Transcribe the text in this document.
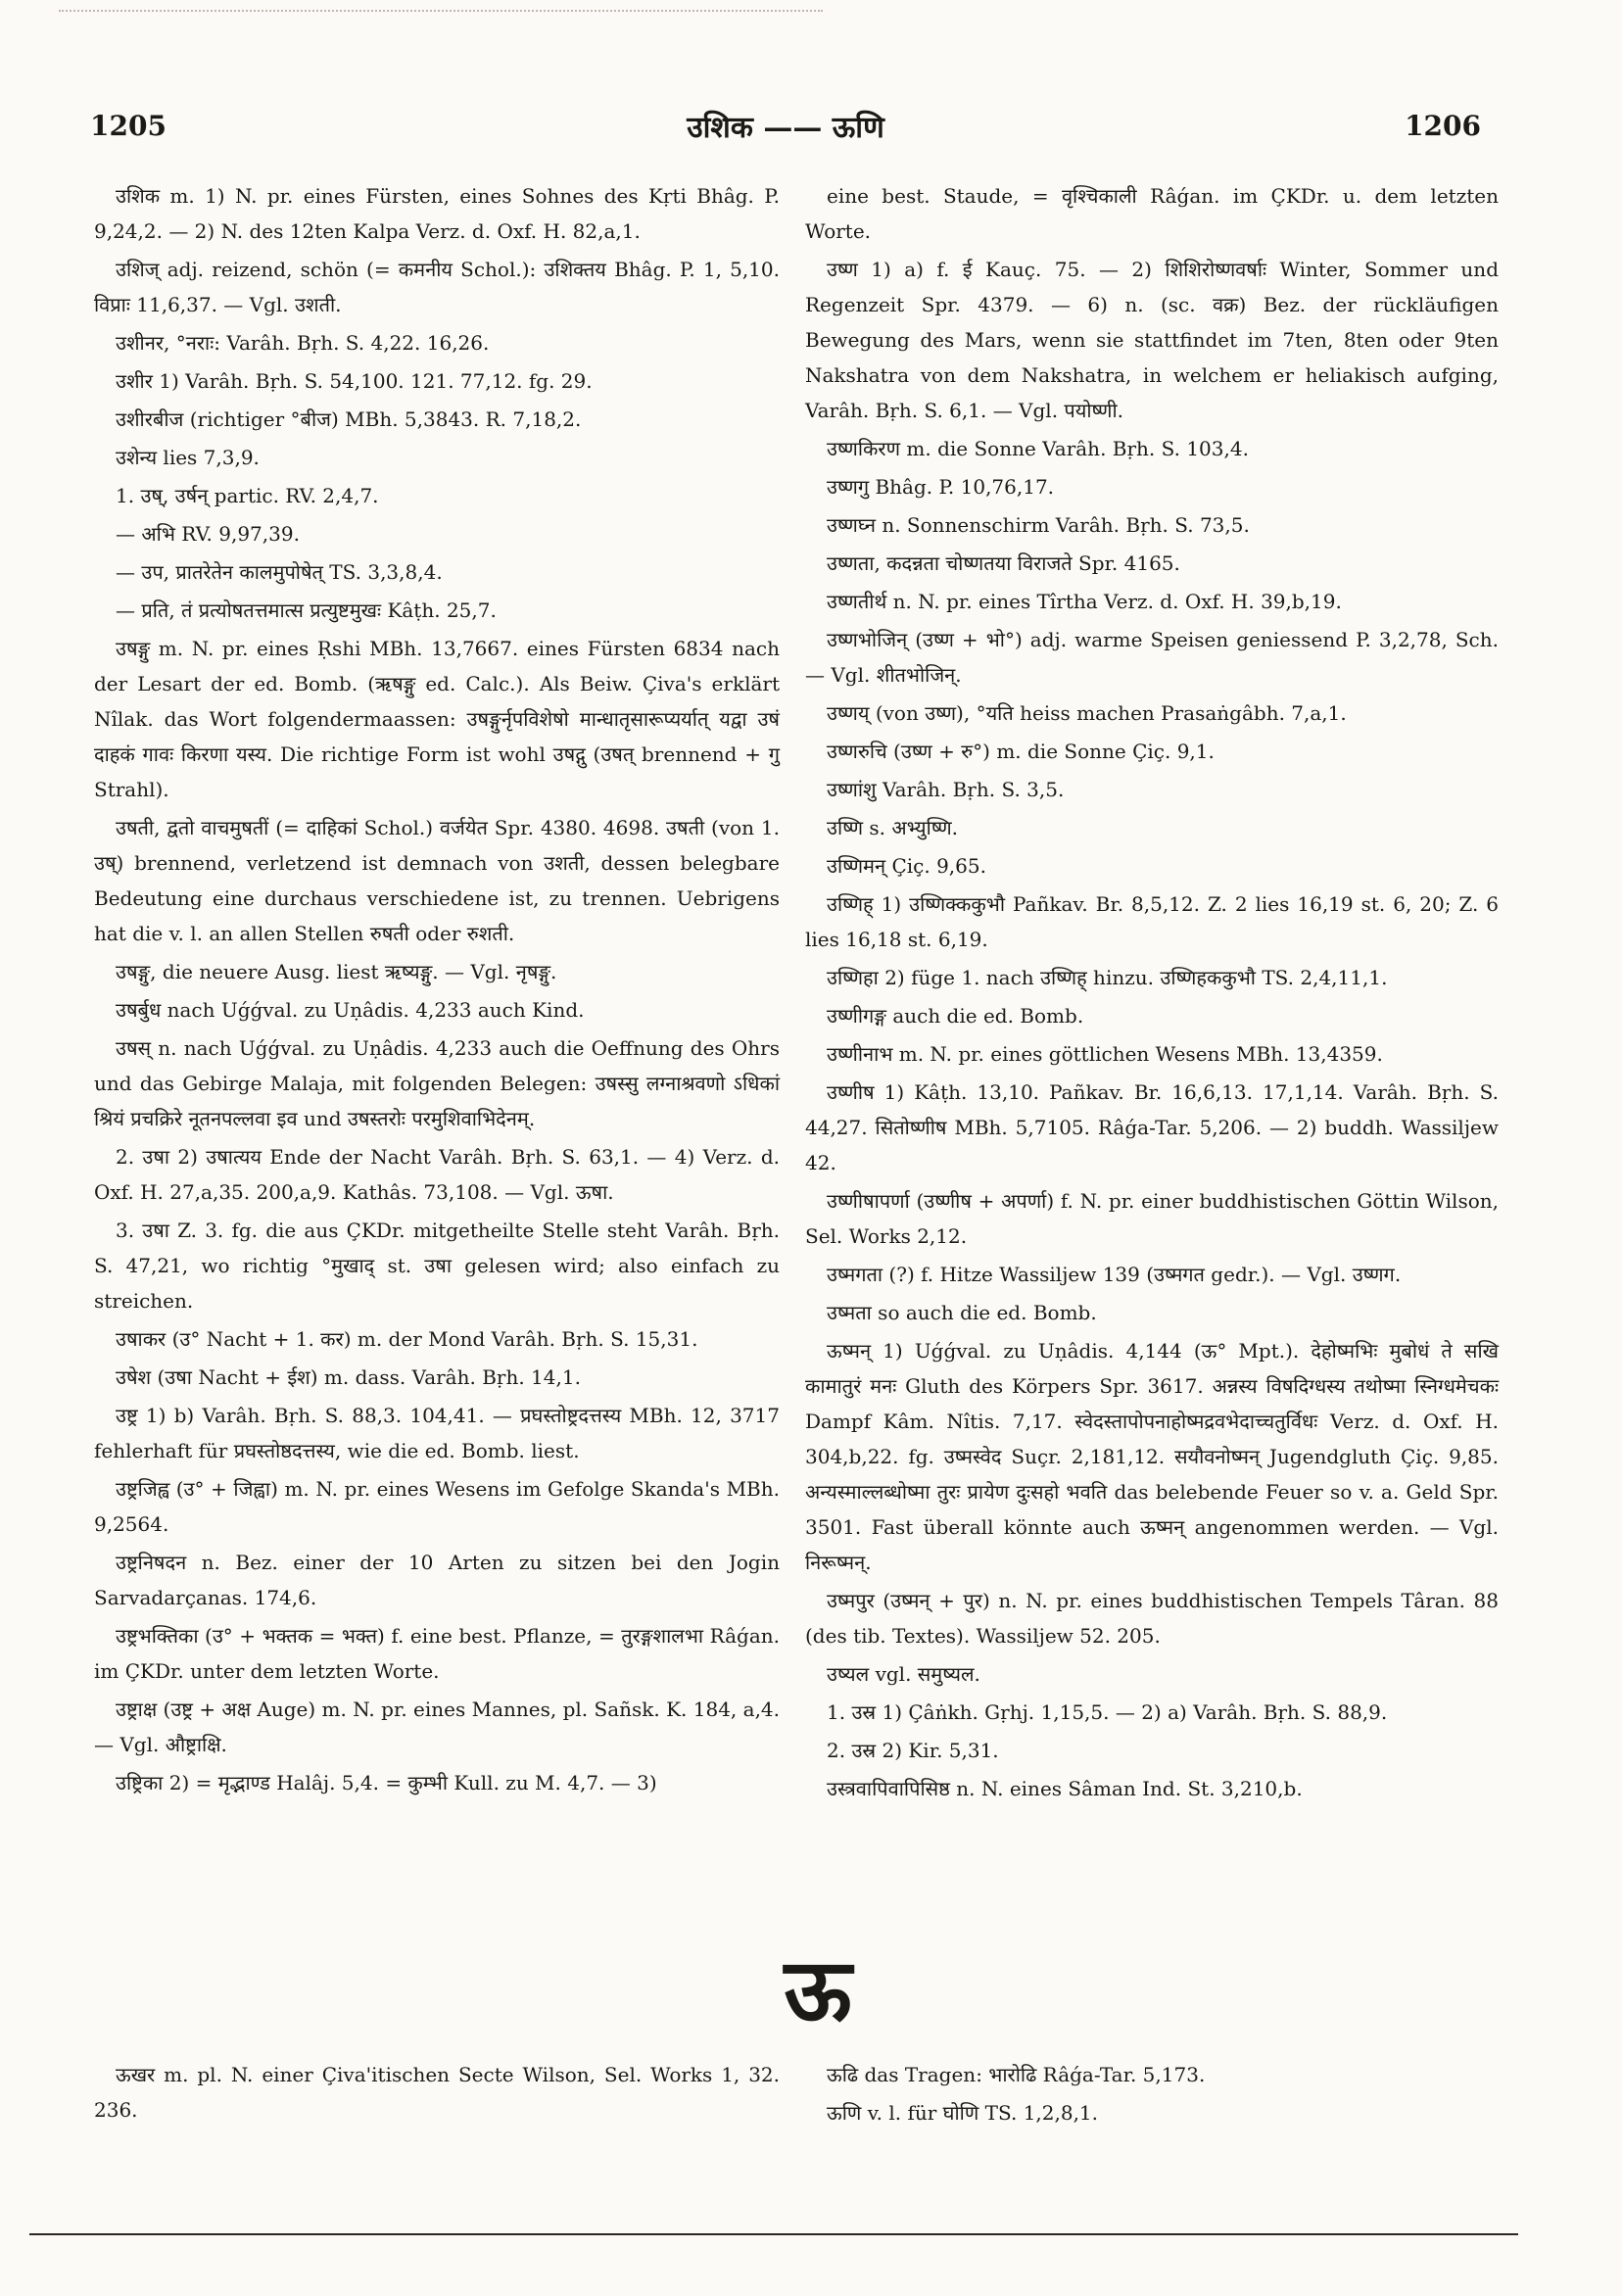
1205	उशिक —— ऊणि	1206

उशिक m. 1) N. pr. eines Fürsten, eines Sohnes des Kṛti Bhâg. P. 9,24,2. — 2) N. des 12ten Kalpa Verz. d. Oxf. H. 82,a,1.

उशिज् adj. reizend, schön (= कमनीय Schol.): उशिक्तय Bhâg. P. 1, 5,10. विप्राः 11,6,37. — Vgl. उशती.

उशीनर, °नराः: Varâh. Bṛh. S. 4,22. 16,26.

उशीर 1) Varâh. Bṛh. S. 54,100. 121. 77,12. fg. 29.

उशीरबीज (richtiger °बीज) MBh. 5,3843. R. 7,18,2.

उशेन्य lies 7,3,9.

1. उष्, उर्षन् partic. RV. 2,4,7.

— अभि RV. 9,97,39.

— उप, प्रातरेतेन कालमुपोषेत् TS. 3,3,8,4.

— प्रति, तं प्रत्योषतत्तमात्स प्रत्युष्टमुखः Kâṭh. 25,7.

उषङ्गु m. N. pr. eines Ṛshi MBh. 13,7667. eines Fürsten 6834 nach der Lesart der ed. Bomb. (ऋषङ्गु ed. Calc.). Als Beiw. Çiva's erklärt Nîlak. das Wort folgendermaassen: उषङ्गुर्नृपविशेषो मान्धातृसारूप्यर्यात् यद्वा उषं दाहकं गावः किरणा यस्य. Die richtige Form ist wohl उषद्गु (उषत् brennend + गु Strahl).

उषती, द्वतो वाचमुषतीं (= दाहिकां Schol.) वर्जयेत Spr. 4380. 4698. उषती (von 1. उष्) brennend, verletzend ist demnach von उशती, dessen belegbare Bedeutung eine durchaus verschiedene ist, zu trennen. Uebrigens hat die v. l. an allen Stellen रुषती oder रुशती.

उषङ्गु, die neuere Ausg. liest ऋष्यङ्गु. — Vgl. नृषङ्गु.

उषर्बुध nach Uǵǵval. zu Uṇâdis. 4,233 auch Kind.

उषस् n. nach Uǵǵval. zu Uṇâdis. 4,233 auch die Oeffnung des Ohrs und das Gebirge Malaja, mit folgenden Belegen: उषस्सु लग्नाश्रवणो ऽधिकां श्रियं प्रचक्रिरे नूतनपल्लवा इव und उषस्तरोः परमुशिवाभिदेनम्.

2. उषा 2) उषात्यय Ende der Nacht Varâh. Bṛh. S. 63,1. — 4) Verz. d. Oxf. H. 27,a,35. 200,a,9. Kathâs. 73,108. — Vgl. ऊषा.

3. उषा Z. 3. fg. die aus ÇKDr. mitgetheilte Stelle steht Varâh. Bṛh. S. 47,21, wo richtig °मुखाद् st. उषा gelesen wird; also einfach zu streichen.

उषाकर (उ° Nacht + 1. कर) m. der Mond Varâh. Bṛh. S. 15,31.

उषेश (उषा Nacht + ईश) m. dass. Varâh. Bṛh. 14,1.

उष्ट्र 1) b) Varâh. Bṛh. S. 88,3. 104,41. — प्रघस्तोष्ट्रदत्तस्य MBh. 12, 3717 fehlerhaft für प्रघस्तोष्ठदत्तस्य, wie die ed. Bomb. liest.

उष्ट्रजिह्व (उ° + जिह्वा) m. N. pr. eines Wesens im Gefolge Skanda's MBh. 9,2564.

उष्ट्रनिषदन n. Bez. einer der 10 Arten zu sitzen bei den Jogin Sarvadarçanas. 174,6.

उष्ट्रभक्तिका (उ° + भक्तक = भक्त) f. eine best. Pflanze, = तुरङ्गशालभा Râǵan. im ÇKDr. unter dem letzten Worte.

उष्ट्राक्ष (उष्ट्र + अक्ष Auge) m. N. pr. eines Mannes, pl. Sañsk. K. 184, a,4. — Vgl. औष्ट्राक्षि.

उष्ट्रिका 2) = मृद्भाण्ड Halâj. 5,4. = कुम्भी Kull. zu M. 4,7. — 3)

eine best. Staude, = वृश्चिकाली Râǵan. im ÇKDr. u. dem letzten Worte.

उष्ण 1) a) f. ई Kauç. 75. — 2) शिशिरोष्णवर्षाः Winter, Sommer und Regenzeit Spr. 4379. — 6) n. (sc. वक्र) Bez. der rückläufigen Bewegung des Mars, wenn sie stattfindet im 7ten, 8ten oder 9ten Nakshatra von dem Nakshatra, in welchem er heliakisch aufging, Varâh. Bṛh. S. 6,1. — Vgl. पयोष्णी.

उष्णकिरण m. die Sonne Varâh. Bṛh. S. 103,4.

उष्णगु Bhâg. P. 10,76,17.

उष्णघ्न n. Sonnenschirm Varâh. Bṛh. S. 73,5.

उष्णता, कदन्नता चोष्णतया विराजते Spr. 4165.

उष्णतीर्थ n. N. pr. eines Tîrtha Verz. d. Oxf. H. 39,b,19.

उष्णभोजिन् (उष्ण + भो°) adj. warme Speisen geniessend P. 3,2,78, Sch. — Vgl. शीतभोजिन्.

उष्णय् (von उष्ण), °यति heiss machen Prasaṅgâbh. 7,a,1.

उष्णरुचि (उष्ण + रु°) m. die Sonne Çiç. 9,1.

उष्णांशु Varâh. Bṛh. S. 3,5.

उष्णि s. अभ्युष्णि.

उष्णिमन् Çiç. 9,65.

उष्णिह् 1) उष्णिक्ककुभौ Pañkav. Br. 8,5,12. Z. 2 lies 16,19 st. 6, 20; Z. 6 lies 16,18 st. 6,19.

उष्णिहा 2) füge 1. nach उष्णिह् hinzu. उष्णिहककुभौ TS. 2,4,11,1.

उष्णीगङ्ग auch die ed. Bomb.

उष्णीनाभ m. N. pr. eines göttlichen Wesens MBh. 13,4359.

उष्णीष 1) Kâṭh. 13,10. Pañkav. Br. 16,6,13. 17,1,14. Varâh. Bṛh. S. 44,27. सितोष्णीष MBh. 5,7105. Râǵa-Tar. 5,206. — 2) buddh. Wassiljew 42.

उष्णीषापर्णा (उष्णीष + अपर्णा) f. N. pr. einer buddhistischen Göttin Wilson, Sel. Works 2,12.

उष्मगता (?) f. Hitze Wassiljew 139 (उष्मगत gedr.). — Vgl. उष्णग.

उष्मता so auch die ed. Bomb.

ऊष्मन् 1) Uǵǵval. zu Uṇâdis. 4,144 (ऊ° Mpt.). देहोष्मभिः मुबोधं ते सखि कामातुरं मनः Gluth des Körpers Spr. 3617. अन्नस्य विषदिग्धस्य तथोष्मा स्निग्धमेचकः Dampf Kâm. Nîtis. 7,17. स्वेदस्तापोपनाहोष्मद्रवभेदाच्चतुर्विधः Verz. d. Oxf. H. 304,b,22. fg. उष्मस्वेद Suçr. 2,181,12. सयौवनोष्मन् Jugendgluth Çiç. 9,85. अन्यस्माल्लब्धोष्मा तुरः प्रायेण दुःसहो भवति das belebende Feuer so v. a. Geld Spr. 3501. Fast überall könnte auch ऊष्मन् angenommen werden. — Vgl. निरूष्मन्.

उष्मपुर (उष्मन् + पुर) n. N. pr. eines buddhistischen Tempels Târan. 88 (des tib. Textes). Wassiljew 52. 205.

उष्यल vgl. समुष्यल.

1. उस्र 1) Çâṅkh. Gṛhj. 1,15,5. — 2) a) Varâh. Bṛh. S. 88,9.

2. उस्र 2) Kir. 5,31.

उस्त्रवापिवापिसिष्ठ n. N. eines Sâman Ind. St. 3,210,b.

ऊ

ऊखर m. pl. N. einer Çiva'itischen Secte Wilson, Sel. Works 1, 32. 236.

ऊढि das Tragen: भारोढि Râǵa-Tar. 5,173.

ऊणि v. l. für घोणि TS. 1,2,8,1.
